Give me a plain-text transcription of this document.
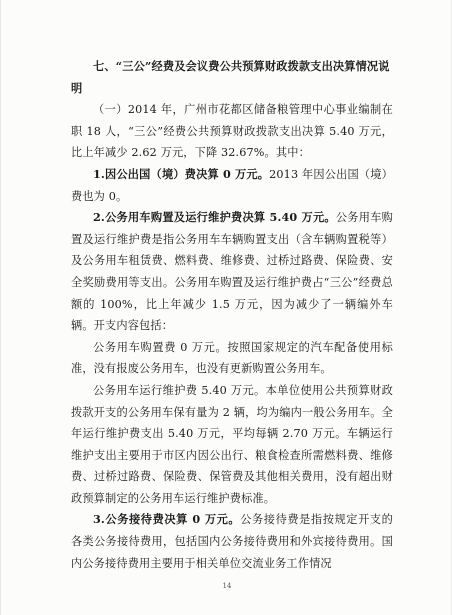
七、“三公”经费及会议费公共预算财政拨款支出决算情况说明

（一）2014 年，广州市花都区储备粮管理中心事业编制在职 18 人，“三公”经费公共预算财政拨款支出决算 5.40 万元，比上年减少 2.62 万元，下降 32.67%。其中：

1.因公出国（境）费决算 0 万元。2013 年因公出国（境）费也为 0。

2.公务用车购置及运行维护费决算 5.40 万元。公务用车购置及运行维护费是指公务用车车辆购置支出（含车辆购置税等）及公务用车租赁费、燃料费、维修费、过桥过路费、保险费、安全奖励费用等支出。公务用车购置及运行维护费占“三公”经费总额的 100%，比上年减少 1.5 万元，因为减少了一辆编外车辆。开支内容包括：

公务用车购置费 0 万元。按照国家规定的汽车配备使用标准，没有报废公务用车，也没有更新购置公务用车。

公务用车运行维护费 5.40 万元。本单位使用公共预算财政拨款开支的公务用车保有量为 2 辆，均为编内一般公务用车。全年运行维护费支出 5.40 万元，平均每辆 2.70 万元。车辆运行维护支出主要用于市区内因公出行、粮食检查所需燃料费、维修费、过桥过路费、保险费、保管费及其他相关费用，没有超出财政预算制定的公务用车运行维护费标准。

3.公务接待费决算 0 万元。公务接待费是指按规定开支的各类公务接待费用，包括国内公务接待费用和外宾接待费用。国内公务接待费用主要用于相关单位交流业务工作情况

14
